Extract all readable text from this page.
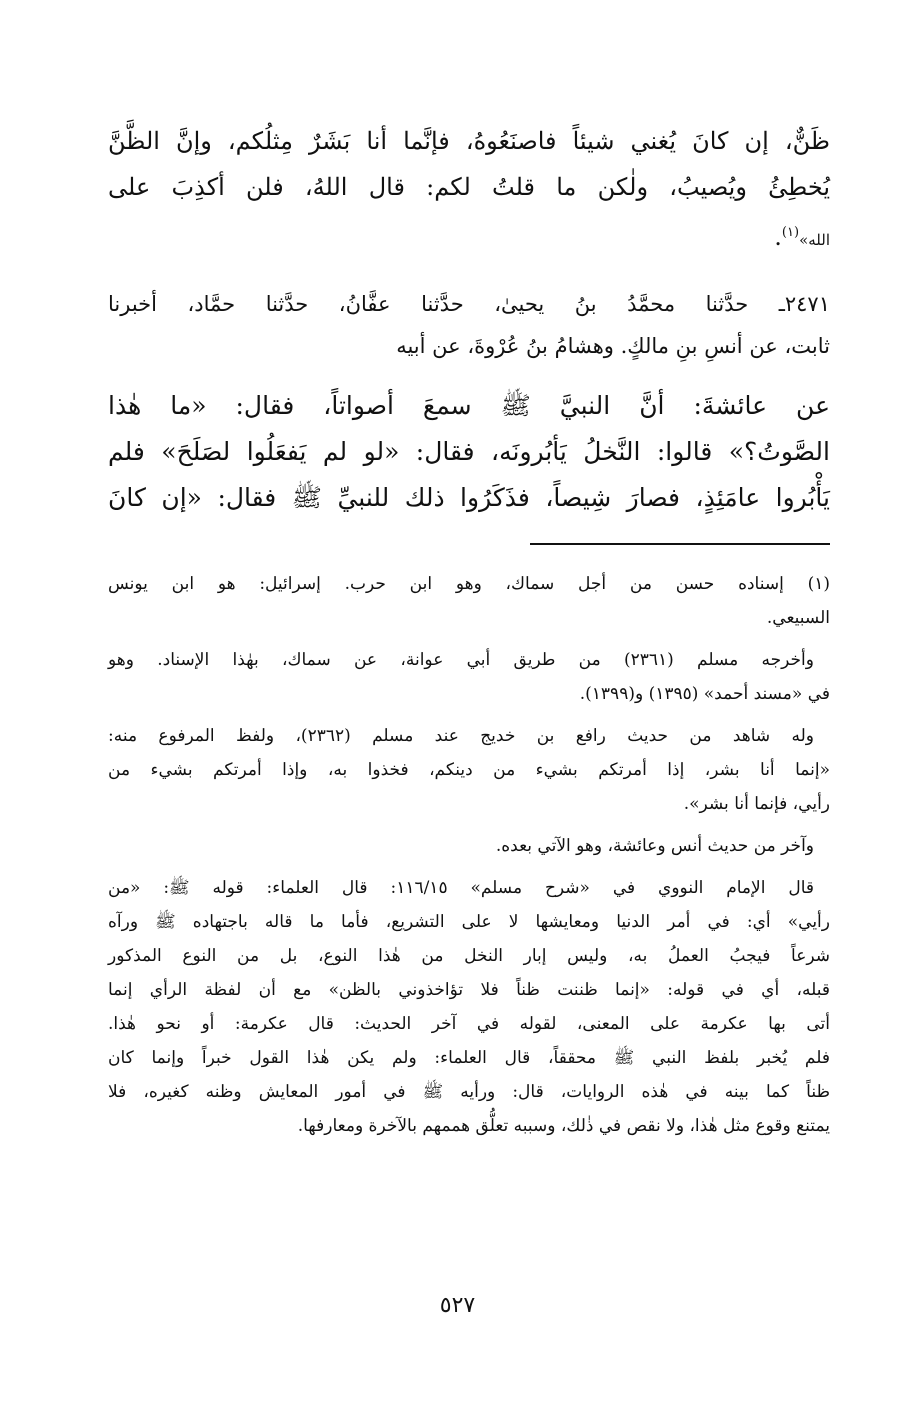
ظَنٌّ، إن كانَ يُغني شيئاً فاصنَعُوهُ، فإنَّما أنا بَشَرٌ مِثلُكم، وإنَّ الظَّنَّ

يُخطِئُ ويُصيبُ، ولٰكن ما قلتُ لكم: قال اللهُ، فلن أكذِبَ على

الله»$^{(١)}$.

٢٤٧١ـ حدَّثنا محمَّدُ بنُ يحيىٰ، حدَّثنا عفَّانُ، حدَّثنا حمَّاد، أخبرنا

ثابت، عن أنسِ بنِ مالكٍ. وهشامُ بنُ عُرْوةَ، عن أبيه

عن عائشةَ: أنَّ النبيَّ ﷺ سمعَ أصواتاً، فقال: «ما هٰذا

الصَّوتُ؟» قالوا: النَّخلُ يَأبُرونَه، فقال: «لو لم يَفعَلُوا لصَلَحَ» فلم

يَأْبُروا عامَئِذٍ، فصارَ شِيصاً، فذَكَرُوا ذلك للنبيِّ ﷺ فقال: «إن كانَ

(١) إسناده حسن من أجل سماك، وهو ابن حرب. إسرائيل: هو ابن يونس

السبيعي.

وأخرجه مسلم (٢٣٦١) من طريق أبي عوانة، عن سماك، بهٰذا الإسناد. وهو

في «مسند أحمد» (١٣٩٥) و(١٣٩٩).

وله شاهد من حديث رافع بن خديج عند مسلم (٢٣٦٢)، ولفظ المرفوع منه:

«إنما أنا بشر، إذا أمرتكم بشيء من دينكم، فخذوا به، وإذا أمرتكم بشيء من

رأيي، فإنما أنا بشر».

وآخر من حديث أنس وعائشة، وهو الآتي بعده.

قال الإمام النووي في «شرح مسلم» ١١٦/١٥: قال العلماء: قوله ﷺ: «من

رأيي» أي: في أمر الدنيا ومعايشها لا على التشريع، فأما ما قاله باجتهاده ﷺ ورآه

شرعاً فيجبُ العملُ به، وليس إبار النخل من هٰذا النوع، بل من النوع المذكور

قبله، أي في قوله: «إنما ظننت ظناً فلا تؤاخذوني بالظن» مع أن لفظة الرأي إنما

أتى بها عكرمة على المعنى، لقوله في آخر الحديث: قال عكرمة: أو نحو هٰذا.

فلم يُخبر بلفظ النبي ﷺ محققاً، قال العلماء: ولم يكن هٰذا القول خبراً وإنما كان

ظناً كما بينه في هٰذه الروايات، قال: ورأيه ﷺ في أمور المعايش وظنه كغيره، فلا

يمتنع وقوع مثل هٰذا، ولا نقص في ذٰلك، وسببه تعلُّق هممهم بالآخرة ومعارفها.

٥٢٧
